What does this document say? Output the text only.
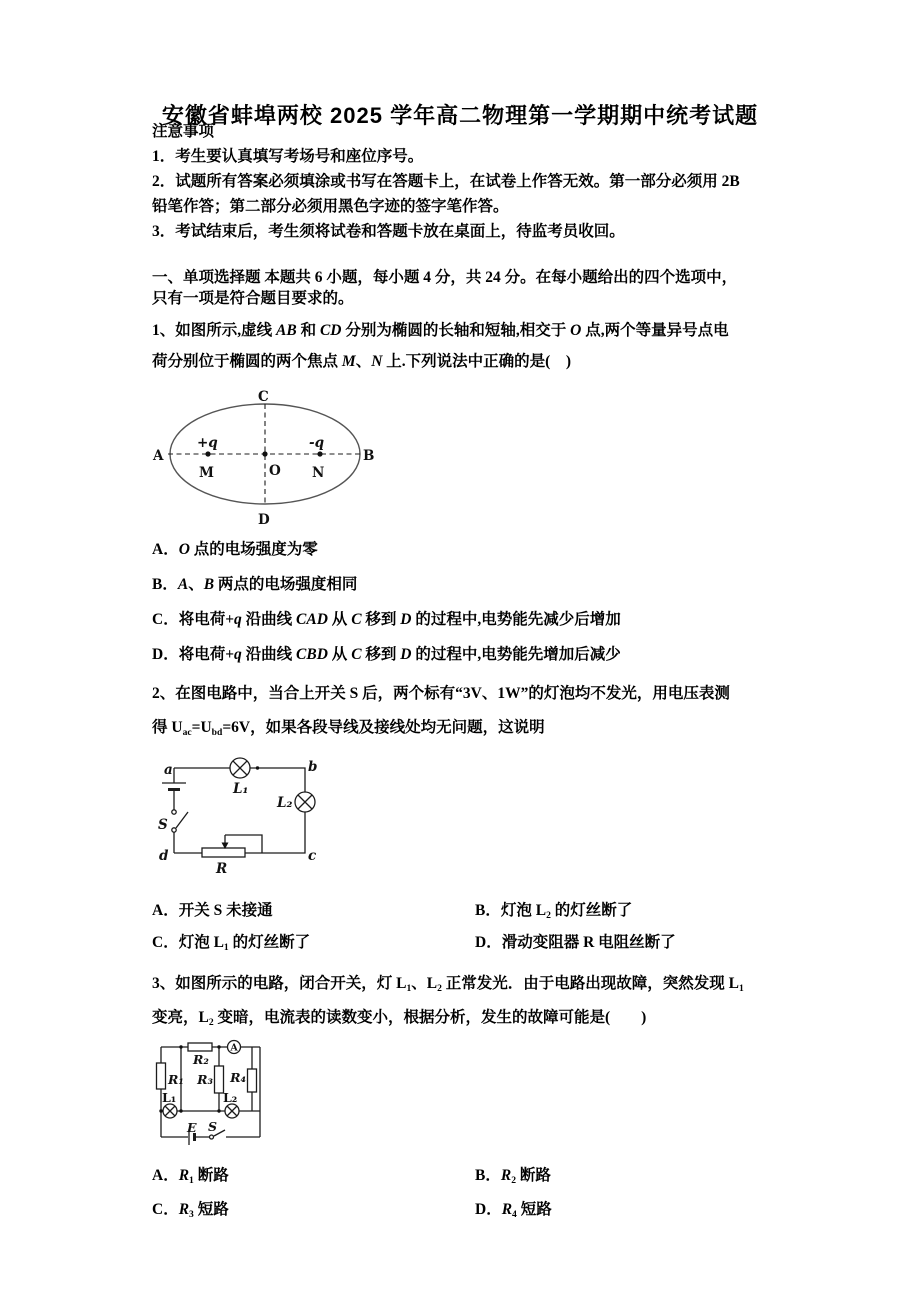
安徽省蚌埠两校 2025 学年高二物理第一学期期中统考试题
注意事项
1．考生要认真填写考场号和座位序号。
2．试题所有答案必须填涂或书写在答题卡上，在试卷上作答无效。第一部分必须用 2B
铅笔作答；第二部分必须用黑色字迹的签字笔作答。
3．考试结束后，考生须将试卷和答题卡放在桌面上，待监考员收回。
一、单项选择题 本题共 6 小题，每小题 4 分，共 24 分。在每小题给出的四个选项中，
只有一项是符合题目要求的。
1、如图所示,虚线 AB 和 CD 分别为椭圆的长轴和短轴,相交于 O 点,两个等量异号点电
荷分别位于椭圆的两个焦点 M、N 上.下列说法中正确的是(　)
A	B
C
D
M	O N
+q	-q
A．O 点的电场强度为零
B．A、B 两点的电场强度相同
C．将电荷+q 沿曲线 CAD 从 C 移到 D 的过程中,电势能先减少后增加
D．将电荷+q 沿曲线 CBD 从 C 移到 D 的过程中,电势能先增加后减少
2、在图电路中，当合上开关 S 后，两个标有“3V、1W”的灯泡均不发光，用电压表测
得 $U_{ac}=U_{bd}=6V$，如果各段导线及接线处均无问题，这说明
a	b
c
d
S
R
L₁
L₂
A．开关 S 未接通	B．灯泡 $L_2$ 的灯丝断了
C．灯泡 $L_1$ 的灯丝断了	D．滑动变阻器 R 电阻丝断了
3、如图所示的电路，闭合开关，灯 $L_1$、$L_2$ 正常发光．由于电路出现故障，突然发现 $L_1$
变亮，$L_2$ 变暗，电流表的读数变小，根据分析，发生的故障可能是(　　)
A
R₁
R₂
R₃ R₄
L₁	L₂
E S
A．$R_1$ 断路	B．$R_2$ 断路
C．$R_3$ 短路	D．$R_4$ 短路
